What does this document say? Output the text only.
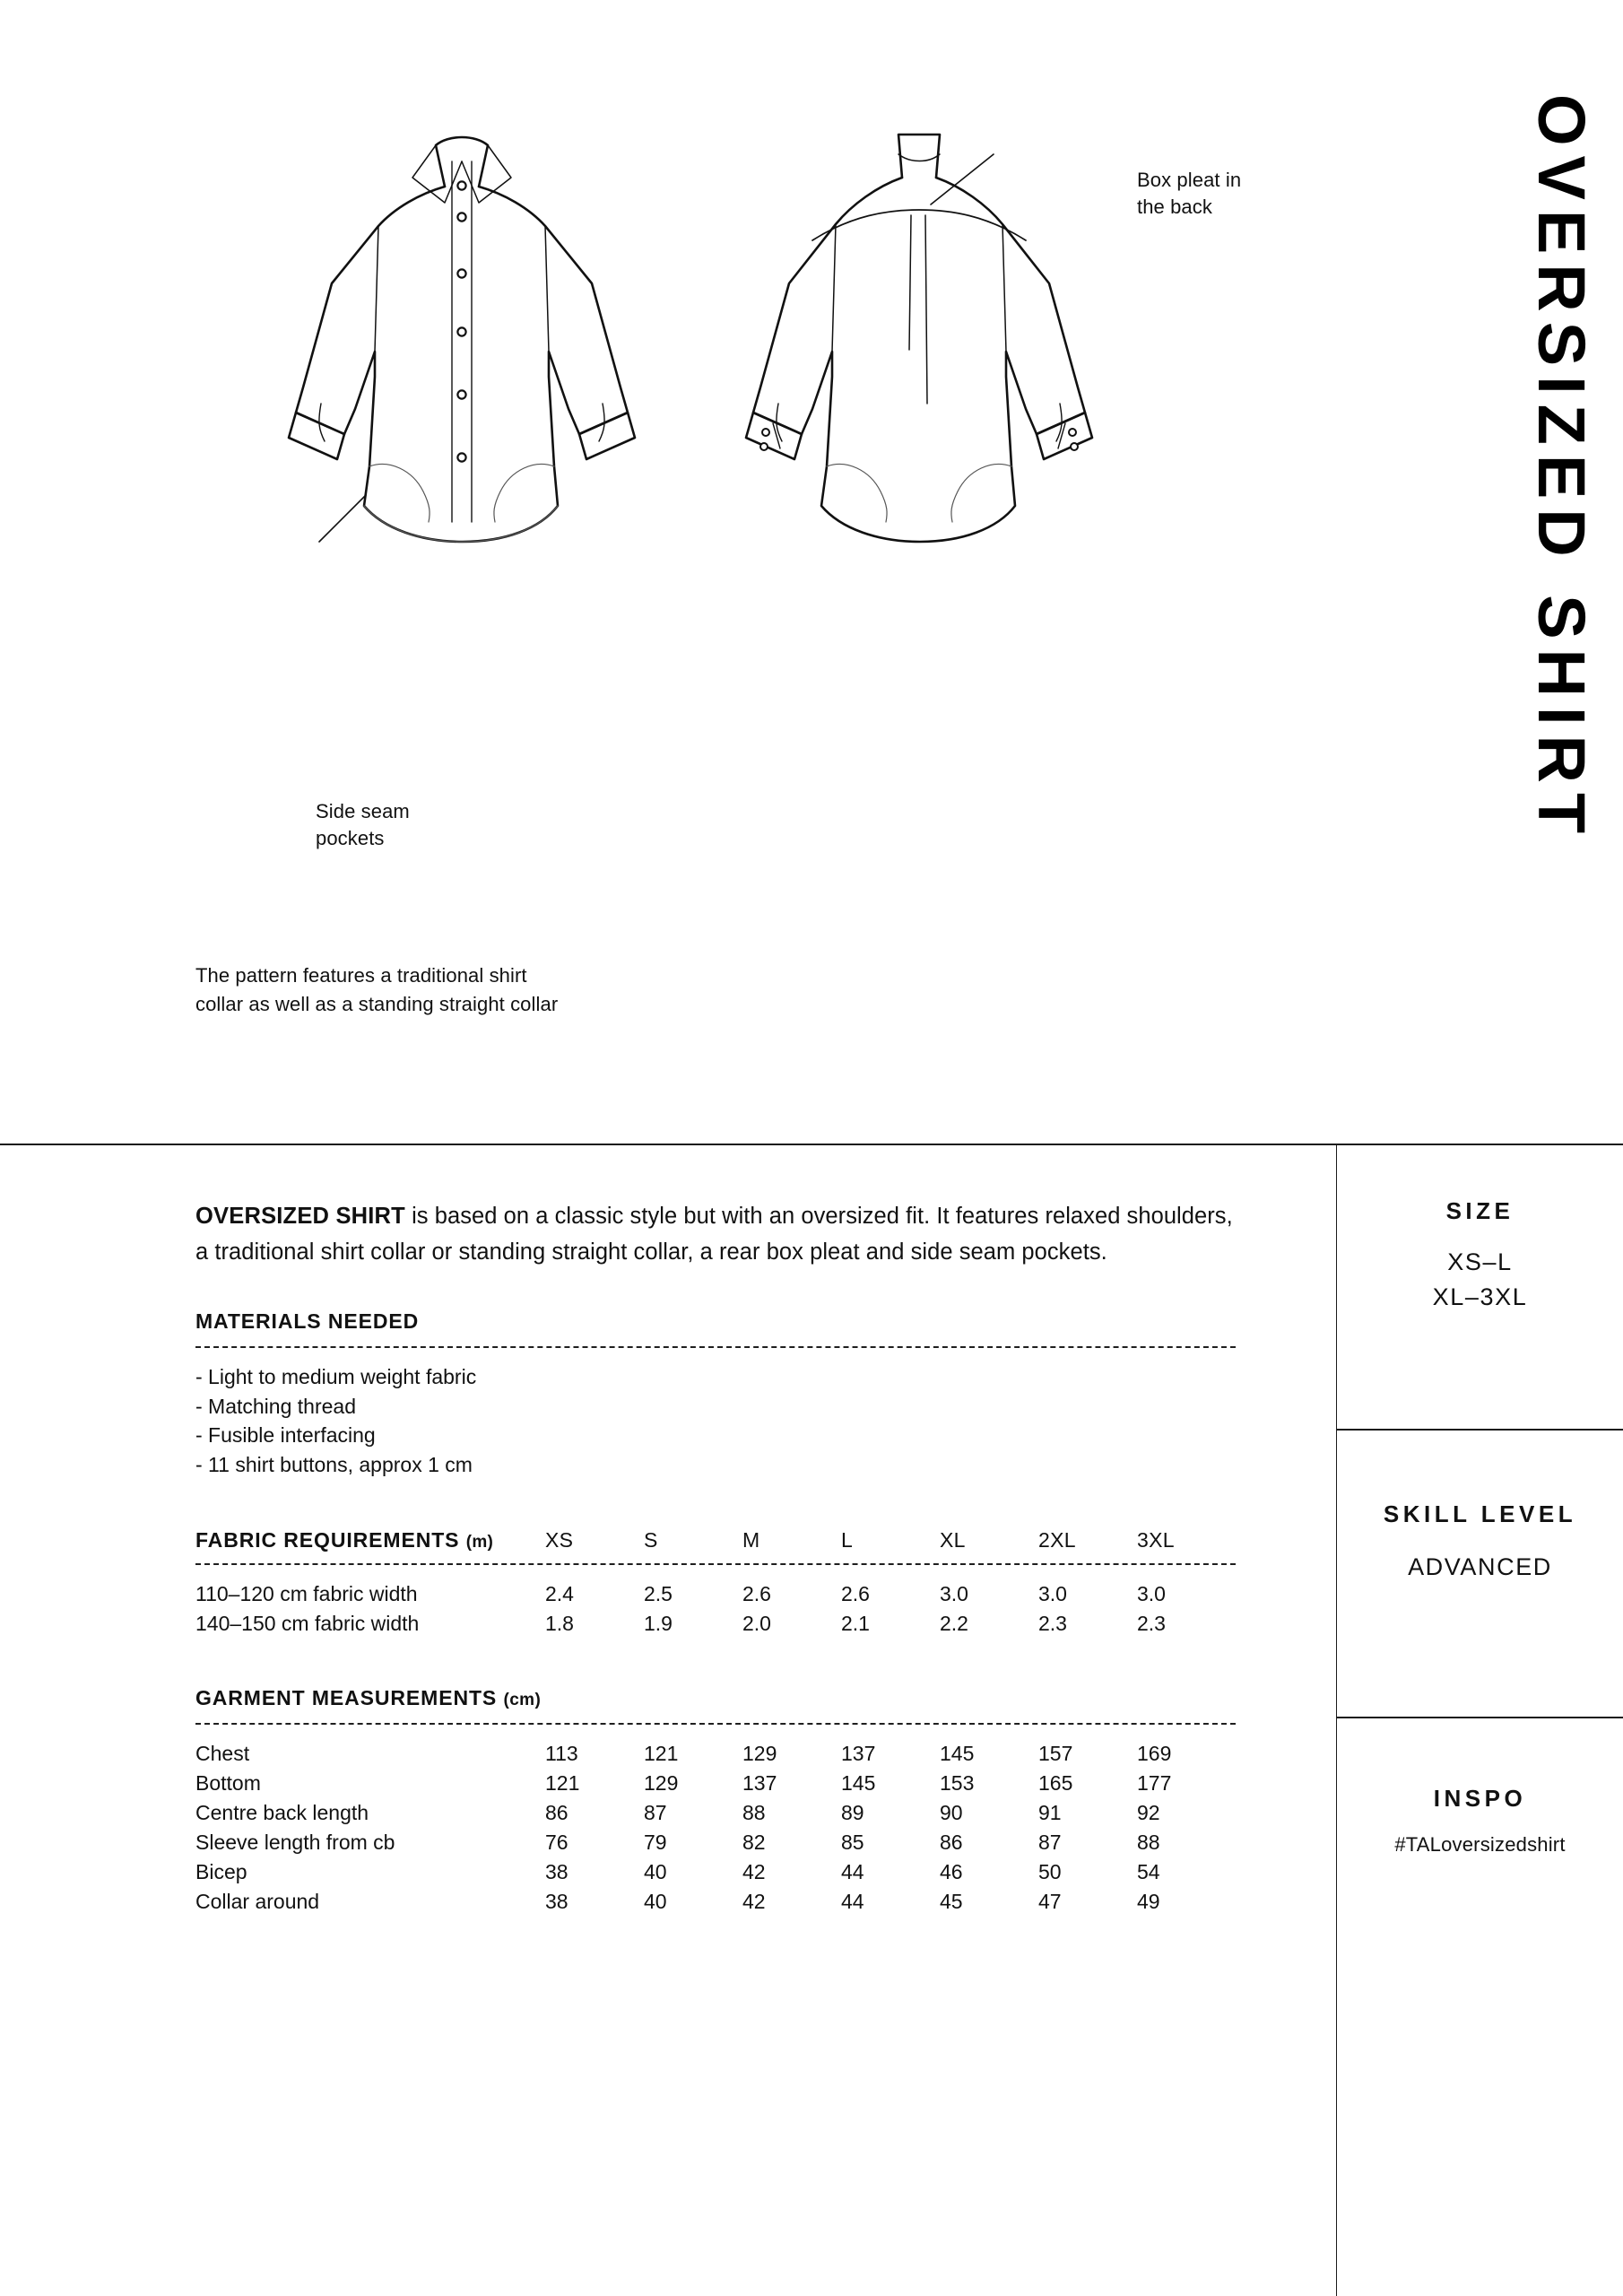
OVERSIZED SHIRT
Box pleat in
the back
Side seam
pockets
The pattern features a traditional shirt
collar as well as a standing straight collar

OVERSIZED SHIRT is based on a classic style but with an oversized fit. It features relaxed shoulders, a traditional shirt collar or standing straight collar, a rear box pleat and side seam pockets.

MATERIALS NEEDED
- Light to medium weight fabric
- Matching thread
- Fusible interfacing
- 11 shirt buttons, approx 1 cm
FABRIC REQUIREMENTS (m)	XS	S	M	L	XL	2XL	3XL
110–120 cm fabric width	2.4	2.5	2.6	2.6	3.0	3.0	3.0
140–150 cm fabric width	1.8	1.9	2.0	2.1	2.2	2.3	2.3
GARMENT MEASUREMENTS (cm)
Chest	113	121	129	137	145	157	169
Bottom	121	129	137	145	153	165	177
Centre back length	86	87	88	89	90	91	92
Sleeve length from cb	76	79	82	85	86	87	88
Bicep	38	40	42	44	46	50	54
Collar around	38	40	42	44	45	47	49
SIZE
XS–L
XL–3XL
SKILL LEVEL
ADVANCED
INSPO
#TALoversizedshirt
